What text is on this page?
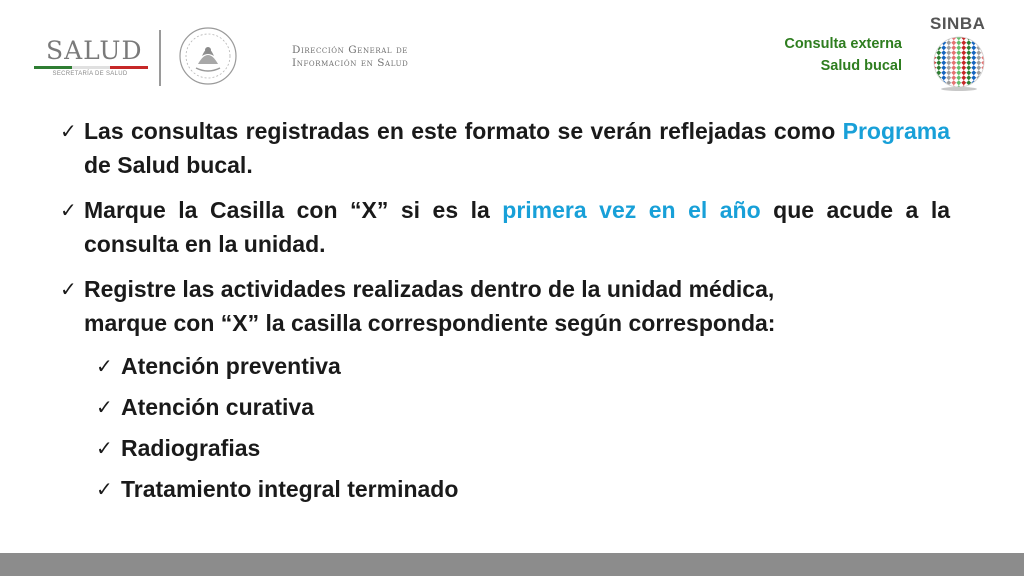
SALUD
SECRETARÍA DE SALUD
Dirección General de
Información en Salud
Consulta externa
Salud bucal
SINBA
✓ Las consultas registradas en este formato se verán reflejadas como Programa de Salud bucal.
✓ Marque la Casilla con “X” si es la primera vez en el año que acude a la consulta en la unidad.
✓ Registre las actividades realizadas dentro de la unidad médica,
marque con “X” la casilla correspondiente según corresponda:
✓ Atención preventiva
✓ Atención curativa
✓ Radiografias
✓ Tratamiento integral terminado
